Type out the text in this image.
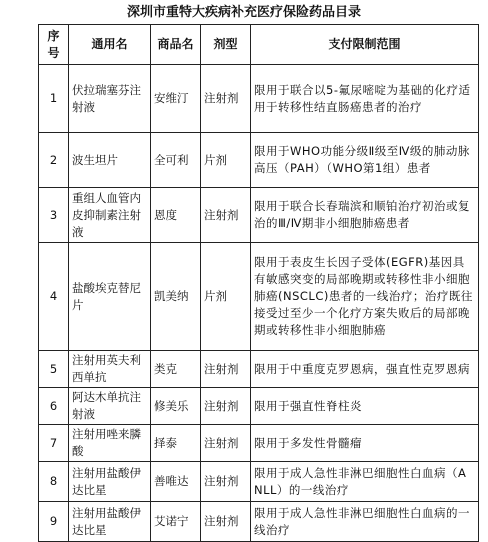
深圳市重特大疾病补充医疗保险药品目录
序号	通用名	商品名	剂型	支付限制范围
1	伏拉瑞塞芬注射液	安维汀	注射剂	限用于联合以5-氟尿嘧啶为基础的化疗适用于转移性结直肠癌患者的治疗
2	波生坦片	全可利	片剂	限用于WHO功能分级Ⅱ级至Ⅳ级的肺动脉高压（PAH）（WHO第1组）患者
3	重组人血管内皮抑制素注射液	恩度	注射剂	限用于联合长春瑞滨和顺铂治疗初治或复治的Ⅲ/Ⅳ期非小细胞肺癌患者
4	盐酸埃克替尼片	凯美纳	片剂	限用于表皮生长因子受体(EGFR)基因具有敏感突变的局部晚期或转移性非小细胞肺癌(NSCLC)患者的一线治疗；治疗既往接受过至少一个化疗方案失败后的局部晚期或转移性非小细胞肺癌
5	注射用英夫利西单抗	类克	注射剂	限用于中重度克罗恩病，强直性克罗恩病
6	阿达木单抗注射液	修美乐	注射剂	限用于强直性脊柱炎
7	注射用唑来膦酸	择泰	注射剂	限用于多发性骨髓瘤
8	注射用盐酸伊达比星	善唯达	注射剂	限用于成人急性非淋巴细胞性白血病（ANLL）的一线治疗
9	注射用盐酸伊达比星	艾诺宁	注射剂	限用于成人急性非淋巴细胞性白血病的一线治疗
